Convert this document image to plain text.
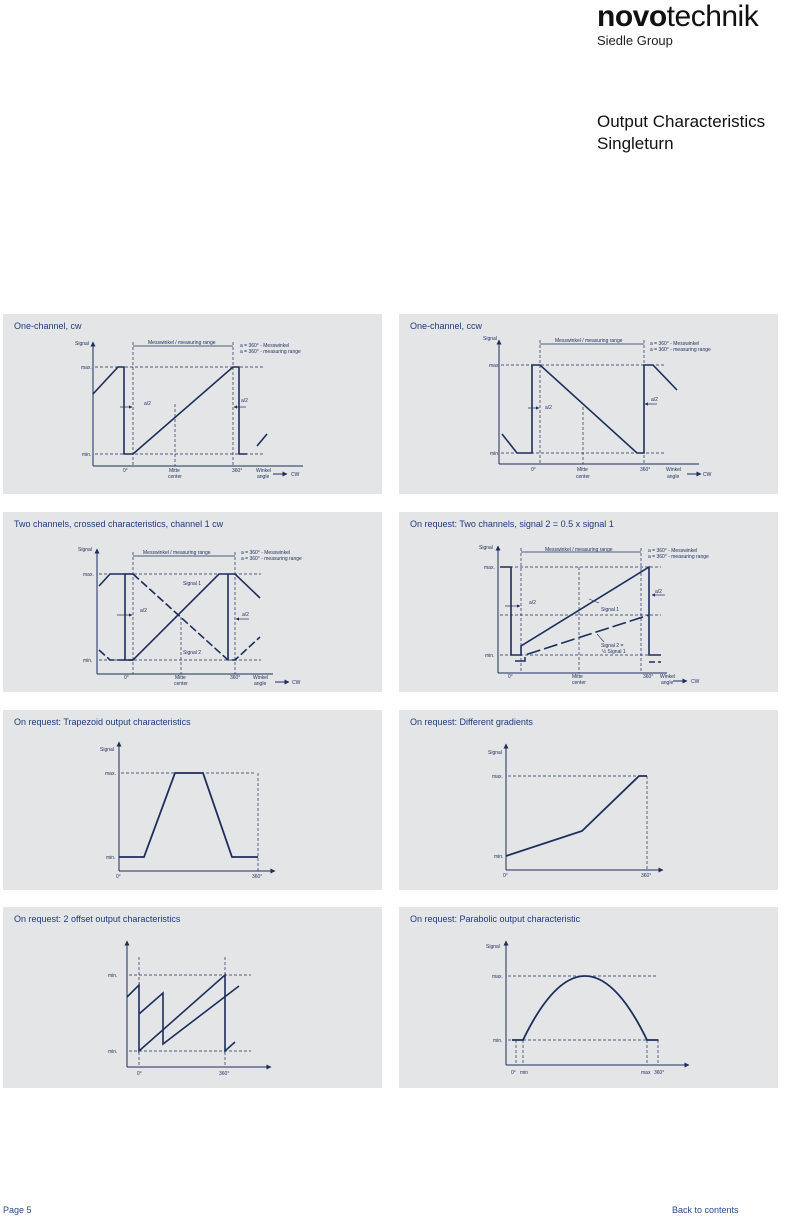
novotechnik
Siedle Group
Output Characteristics
Singleturn
One-channel, cw
Signal
max.
min.
Messwinkel / measuring range	a = 360° - Messwinkel
a = 360° - measuring range
a/2	a/2
0°	Mitte
center
360°	Winkel
angle	CW
One-channel, ccw
Signal
max.
min.
Messwinkel / measuring range	a = 360° - Messwinkel
a = 360° - measuring range
a/2
a/2
0°	Mitte
center
360°	Winkel
angle	CW
Two channels, crossed characteristics, channel 1 cw
Signal
max.
min.
Messwinkel / measuring range	a = 360° - Messwinkel
a = 360° - measuring range
a/2
a/2
Signal 1
Signal 2
0°	Mitte
center
360°	Winkel
angle	CW
On request: Two channels, signal 2 = 0.5 x signal 1
Signal
max.
min.
Messwinkel / measuring range	a = 360° - Messwinkel
a = 360° - measuring range
a/2
a/2
Signal 1
Signal 2 =
½ Signal 1
0°	Mitte
center
360° Winkel
angle	CW
On request: Trapezoid output characteristics
Signal
max.
min.
0°	360°
On request: Different gradients
Signal
max.
min.
0°	360°
On request: 2 offset output characteristics
min.
min.
0°	360°
On request: Parabolic output characteristic
Signal
max.
min.
0° min	max 360°
Page 5	Back to contents
